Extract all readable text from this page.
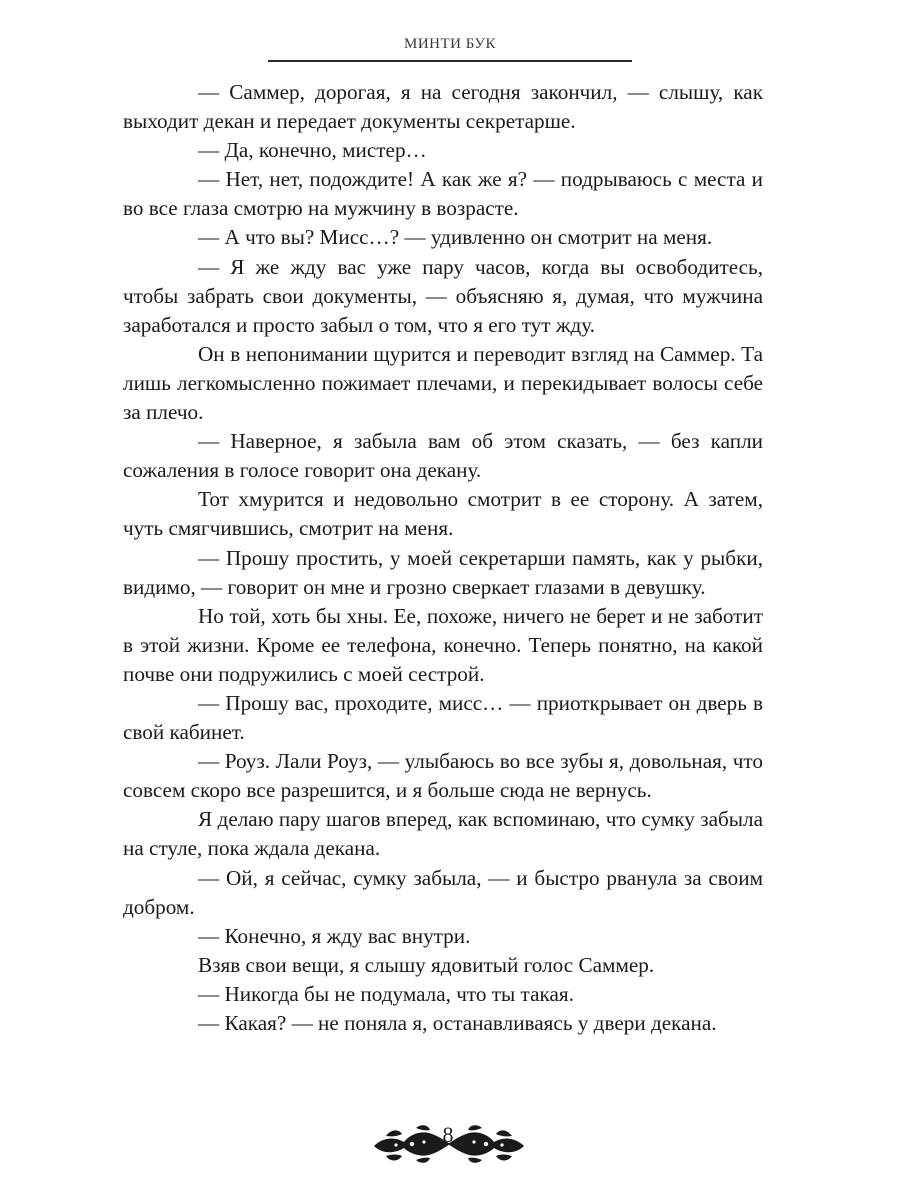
МИНТИ БУК

— Саммер, дорогая, я на сегодня закончил, — слышу, как выходит декан и передает документы секретарше.

— Да, конечно, мистер…

— Нет, нет, подождите! А как же я? — подрываюсь с места и во все глаза смотрю на мужчину в возрасте.

— А что вы? Мисс…? — удивленно он смотрит на меня.

— Я же жду вас уже пару часов, когда вы освободитесь, чтобы забрать свои документы, — объясняю я, думая, что мужчина заработался и просто забыл о том, что я его тут жду.

Он в непонимании щурится и переводит взгляд на Саммер. Та лишь легкомысленно пожимает плечами, и перекидывает волосы себе за плечо.

— Наверное, я забыла вам об этом сказать, — без капли сожаления в голосе говорит она декану.

Тот хмурится и недовольно смотрит в ее сторону. А затем, чуть смягчившись, смотрит на меня.

— Прошу простить, у моей секретарши память, как у рыбки, видимо, — говорит он мне и грозно сверкает глазами в девушку.

Но той, хоть бы хны. Ее, похоже, ничего не берет и не заботит в этой жизни. Кроме ее телефона, конечно. Теперь понятно, на какой почве они подружились с моей сестрой.

— Прошу вас, проходите, мисс… — приоткрывает он дверь в свой кабинет.

— Роуз. Лали Роуз, — улыбаюсь во все зубы я, довольная, что совсем скоро все разрешится, и я больше сюда не вернусь.

Я делаю пару шагов вперед, как вспоминаю, что сумку забыла на стуле, пока ждала декана.

— Ой, я сейчас, сумку забыла, — и быстро рванула за своим добром.

— Конечно, я жду вас внутри.

Взяв свои вещи, я слышу ядовитый голос Саммер.

— Никогда бы не подумала, что ты такая.

— Какая? — не поняла я, останавливаясь у двери декана.

8
